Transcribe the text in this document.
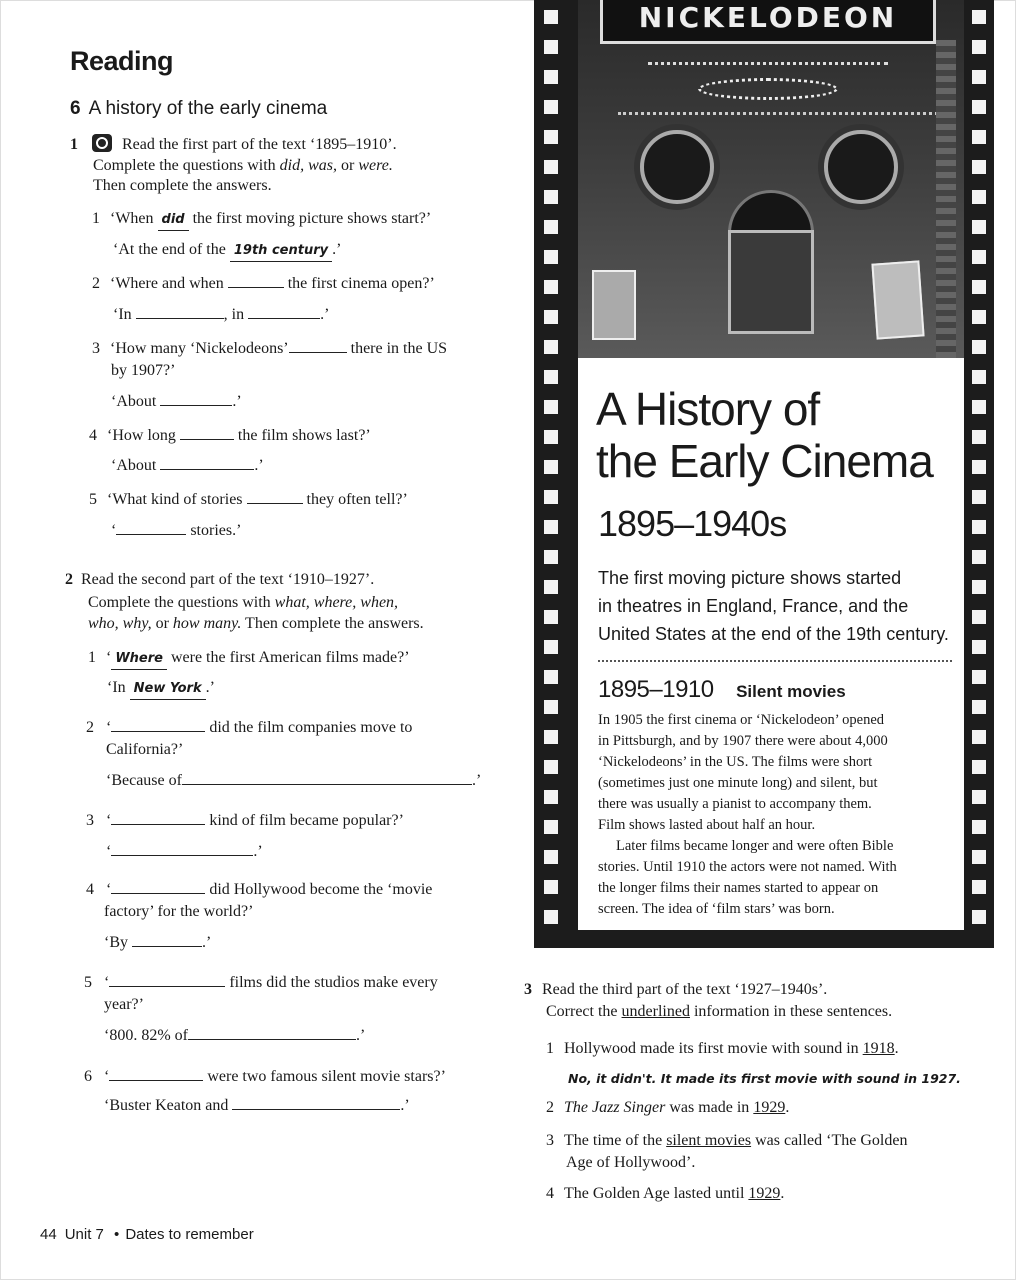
Reading
6 A history of the early cinema
1	Read the first part of the text ‘1895–1910’.
Complete the questions with did, was, or were.
Then complete the answers.
1 ‘When did the first moving picture shows start?’
‘At the end of the 19th century .’
2 ‘Where and when	the first cinema open?’
‘In	, in	.’
3 ‘How many ‘Nickelodeons’	there in the US
by 1907?’
‘About	.’
4 ‘How long	the film shows last?’
‘About	.’
5 ‘What kind of stories	they often tell?’
‘	stories.’
2 Read the second part of the text ‘1910–1927’.
Complete the questions with what, where, when,
who, why, or how many. Then complete the answers.
1 ‘ Where were the first American films made?’
‘In New York .’
2 ‘	did the film companies move to
California?’
‘Because of	.’
3 ‘	kind of film became popular?’
‘	.’
4 ‘	did Hollywood become the ‘movie
factory’ for the world?’
‘By	.’
5 ‘	films did the studios make every
year?’
‘800. 82% of	.’
6 ‘	were two famous silent movie stars?’
‘Buster Keaton and	.’
44 Unit 7 • Dates to remember
NICKELODEON
A History of
the Early Cinema
1895–1940s
The first moving picture shows started
in theatres in England, France, and the
United States at the end of the 19th century.
1895–1910 Silent movies
In 1905 the first cinema or ‘Nickelodeon’ opened
in Pittsburgh, and by 1907 there were about 4,000
‘Nickelodeons’ in the US. The films were short
(sometimes just one minute long) and silent, but
there was usually a pianist to accompany them.
Film shows lasted about half an hour.
Later films became longer and were often Bible
stories. Until 1910 the actors were not named. With
the longer films their names started to appear on
screen. The idea of ‘film stars’ was born.
3 Read the third part of the text ‘1927–1940s’.
Correct the underlined information in these sentences.
1 Hollywood made its first movie with sound in 1918.
No, it didn't. It made its first movie with sound in 1927.
2 The Jazz Singer was made in 1929.
3 The time of the silent movies was called ‘The Golden
Age of Hollywood’.
4 The Golden Age lasted until 1929.
